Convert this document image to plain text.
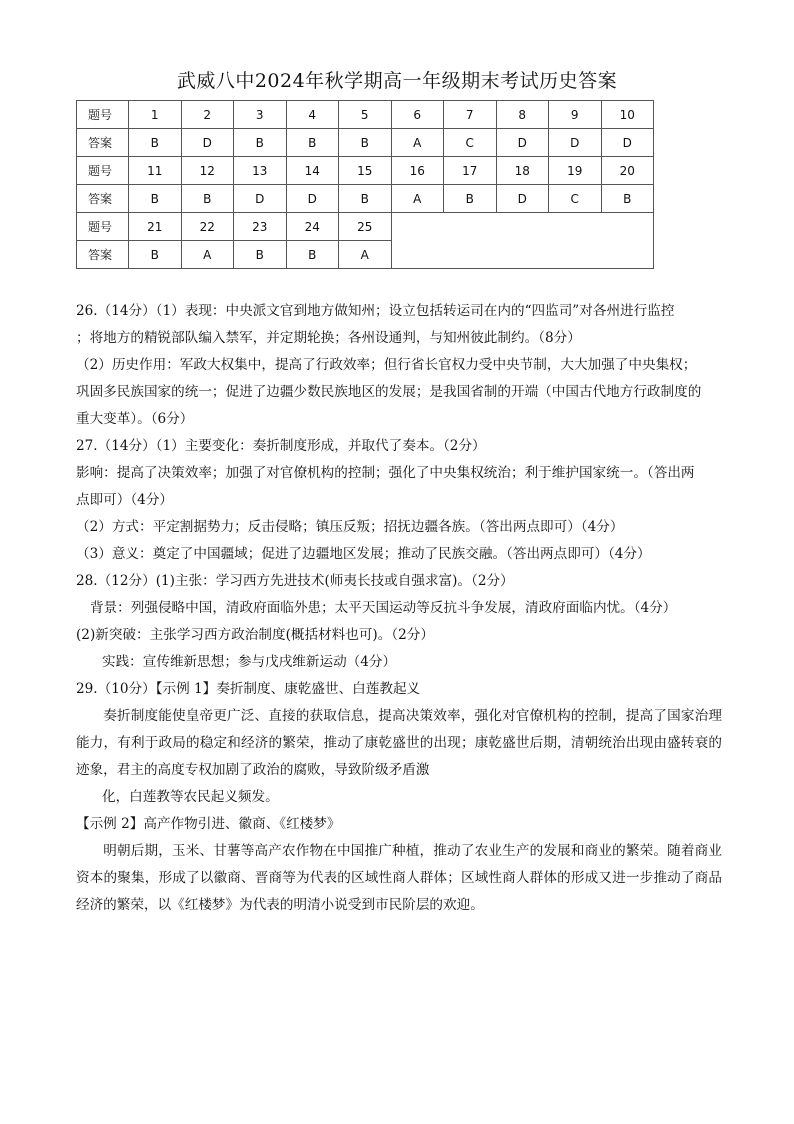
武威八中2024年秋学期高一年级期末考试历史答案
题号	1	2	3	4	5	6	7	8	9	10
答案	B	D	B	B	B	A	C	D	D	D
题号	11	12	13	14	15	16	17	18	19	20
答案	B	B	D	D	B	A	B	D	C	B
题号	21	22	23	24	25					
答案	B	A	B	B	A					

26.（14分）（1）表现：中央派文官到地方做知州；设立包括转运司在内的“四监司”对各州进行监控

；将地方的精锐部队编入禁军，并定期轮换；各州设通判，与知州彼此制约。（8分）

（2）历史作用：军政大权集中，提高了行政效率；但行省长官权力受中央节制，大大加强了中央集权；

巩固多民族国家的统一；促进了边疆少数民族地区的发展；是我国省制的开端（中国古代地方行政制度的

重大变革）。（6分）

27.（14分）（1）主要变化：奏折制度形成，并取代了奏本。（2分）

影响：提高了决策效率；加强了对官僚机构的控制；强化了中央集权统治；利于维护国家统一。（答出两

点即可）（4分）

（2）方式：平定割据势力；反击侵略；镇压反叛；招抚边疆各族。（答出两点即可）（4分）

（3）意义：奠定了中国疆域；促进了边疆地区发展；推动了民族交融。（答出两点即可）（4分）

28.（12分）(1)主张：学习西方先进技术(师夷长技或自强求富)。（2分）

背景：列强侵略中国，清政府面临外患；太平天国运动等反抗斗争发展，清政府面临内忧。（4分）

(2)新突破：主张学习西方政治制度(概括材料也可)。（2分）

实践：宣传维新思想；参与戊戌维新运动（4分）

29.（10分）【示例 1】奏折制度、康乾盛世、白莲教起义

奏折制度能使皇帝更广泛、直接的获取信息，提高决策效率，强化对官僚机构的控制，提高了国家治理能力，有利于政局的稳定和经济的繁荣，推动了康乾盛世的出现；康乾盛世后期，清朝统治出现由盛转衰的迹象，君主的高度专权加剧了政治的腐败，导致阶级矛盾激

化，白莲教等农民起义频发。

【示例 2】高产作物引进、徽商、《红楼梦》

明朝后期，玉米、甘薯等高产农作物在中国推广种植，推动了农业生产的发展和商业的繁荣。随着商业资本的聚集，形成了以徽商、晋商等为代表的区域性商人群体；区域性商人群体的形成又进一步推动了商品经济的繁荣，以《红楼梦》为代表的明清小说受到市民阶层的欢迎。
